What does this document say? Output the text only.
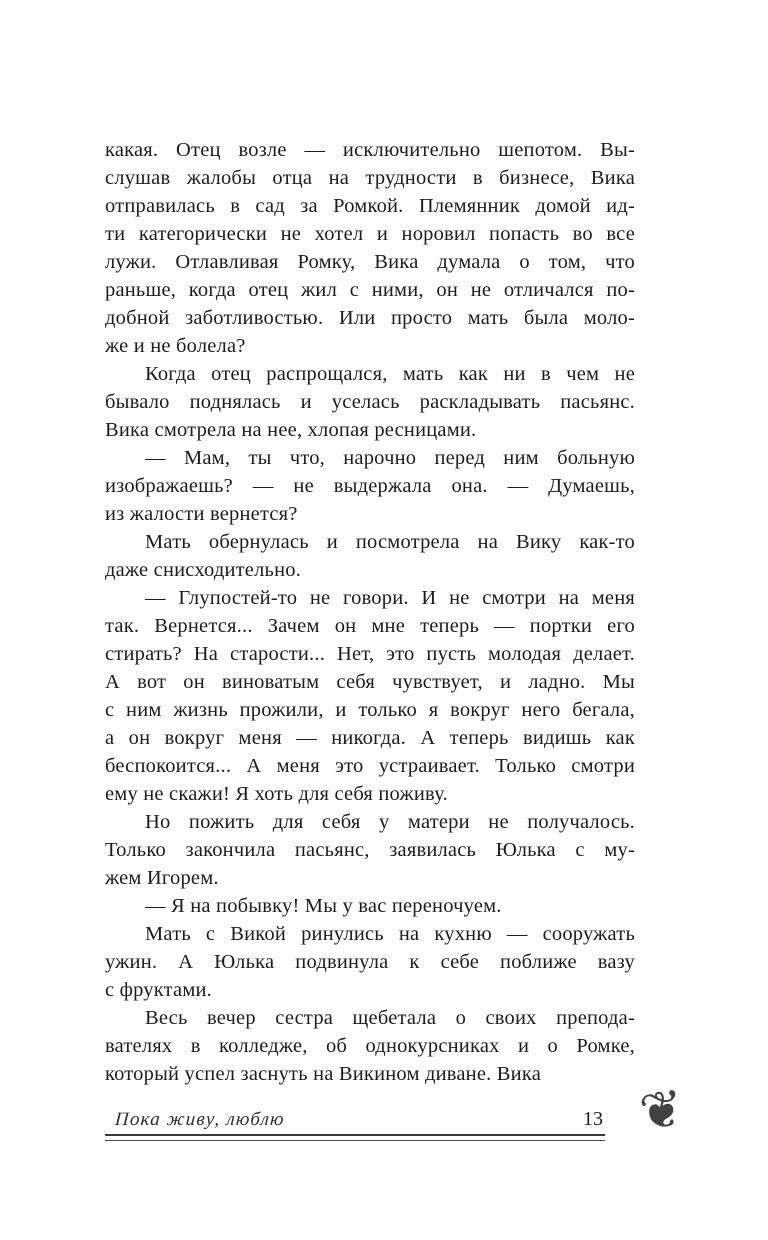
какая. Отец возле — исключительно шепотом. Вы-
слушав жалобы отца на трудности в бизнесе, Вика
отправилась в сад за Ромкой. Племянник домой ид-
ти категорически не хотел и норовил попасть во все
лужи. Отлавливая Ромку, Вика думала о том, что
раньше, когда отец жил с ними, он не отличался по-
добной заботливостью. Или просто мать была моло-
же и не болела?
Когда отец распрощался, мать как ни в чем не
бывало поднялась и уселась раскладывать пасьянс.
Вика смотрела на нее, хлопая ресницами.
— Мам, ты что, нарочно перед ним больную
изображаешь? — не выдержала она. — Думаешь,
из жалости вернется?
Мать обернулась и посмотрела на Вику как-то
даже снисходительно.
— Глупостей-то не говори. И не смотри на меня
так. Вернется... Зачем он мне теперь — портки его
стирать? На старости... Нет, это пусть молодая делает.
А вот он виноватым себя чувствует, и ладно. Мы
с ним жизнь прожили, и только я вокруг него бегала,
а он вокруг меня — никогда. А теперь видишь как
беспокоится... А меня это устраивает. Только смотри
ему не скажи! Я хоть для себя поживу.
Но пожить для себя у матери не получалось.
Только закончила пасьянс, заявилась Юлька с му-
жем Игорем.
— Я на побывку! Мы у вас переночуем.
Мать с Викой ринулись на кухню — сооружать
ужин. А Юлька подвинула к себе поближе вазу
с фруктами.
Весь вечер сестра щебетала о своих препода-
вателях в колледже, об однокурсниках и о Ромке,
который успел заснуть на Викином диване. Вика
Пока живу, люблю	13 ❦
